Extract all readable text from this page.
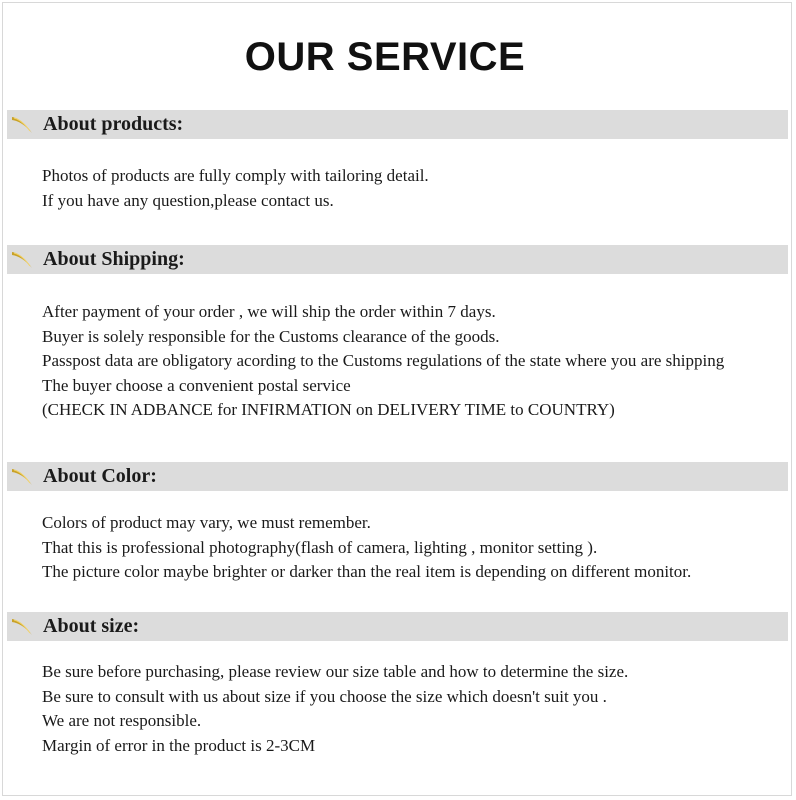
OUR SERVICE
About products:
Photos of products are fully comply with tailoring detail.
If you have any question,please contact us.
About Shipping:
After payment of your order , we will ship the order within 7 days.
Buyer is solely responsible for the Customs clearance of the goods.
Passpost data are obligatory acording to the Customs regulations of the state where you are shipping
The buyer choose a convenient postal service
(CHECK IN ADBANCE for INFIRMATION on DELIVERY TIME to COUNTRY)
About Color:
Colors of product may vary, we must remember.
That this is professional photography(flash of camera, lighting , monitor setting ).
The picture color maybe brighter or darker than the real item is depending on different monitor.
About size:
Be sure before purchasing, please review our size table and how to determine the size.
Be sure to consult with us about size if you choose the size which doesn't suit you .
We are not responsible.
Margin of error in the product is 2-3CM
